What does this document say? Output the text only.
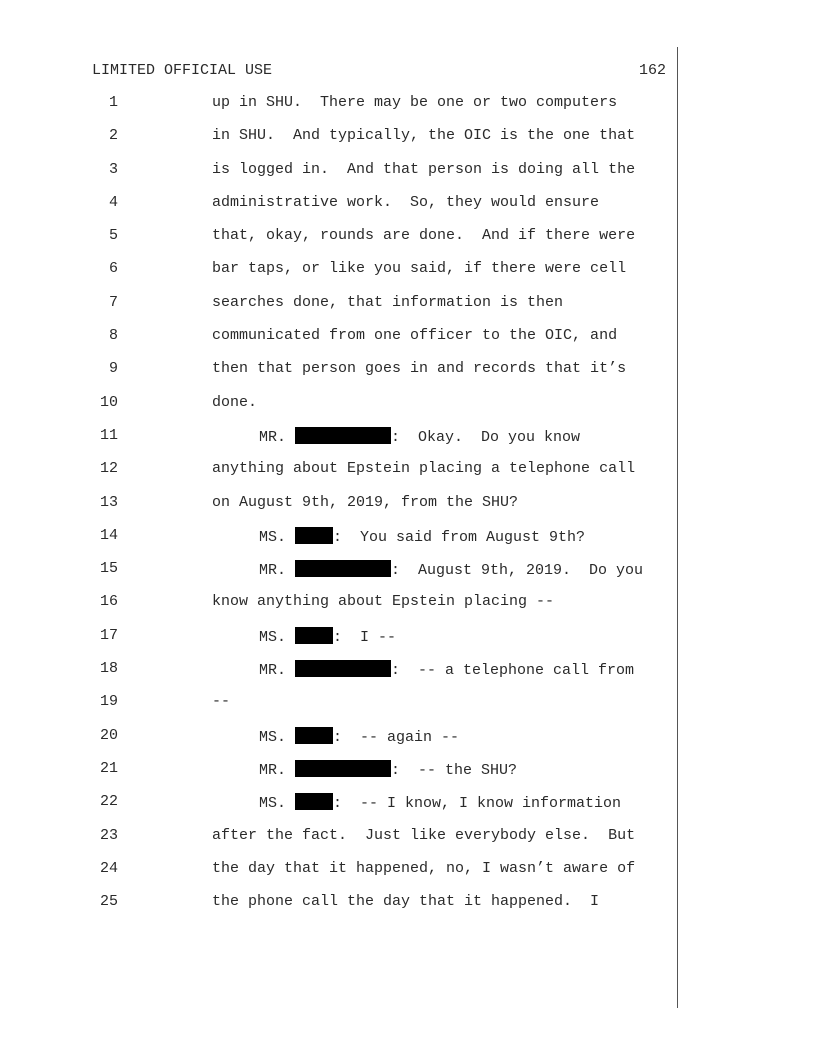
LIMITED OFFICIAL USE	162
1	up in SHU.  There may be one or two computers
2	in SHU.  And typically, the OIC is the one that
3	is logged in.  And that person is doing all the
4	administrative work.  So, they would ensure
5	that, okay, rounds are done.  And if there were
6	bar taps, or like you said, if there were cell
7	searches done, that information is then
8	communicated from one officer to the OIC, and
9	then that person goes in and records that it’s
10	done.
11	MR.	:  Okay.  Do you know
12	anything about Epstein placing a telephone call
13	on August 9th, 2019, from the SHU?
14	MS.	:  You said from August 9th?
15	MR.	:  August 9th, 2019.  Do you
16	know anything about Epstein placing --
17	MS.	:  I --
18	MR.	:  -- a telephone call from
19	--
20	MS.	:  -- again --
21	MR.	:  -- the SHU?
22	MS.	:  -- I know, I know information
23	after the fact.  Just like everybody else.  But
24	the day that it happened, no, I wasn’t aware of
25	the phone call the day that it happened.  I
